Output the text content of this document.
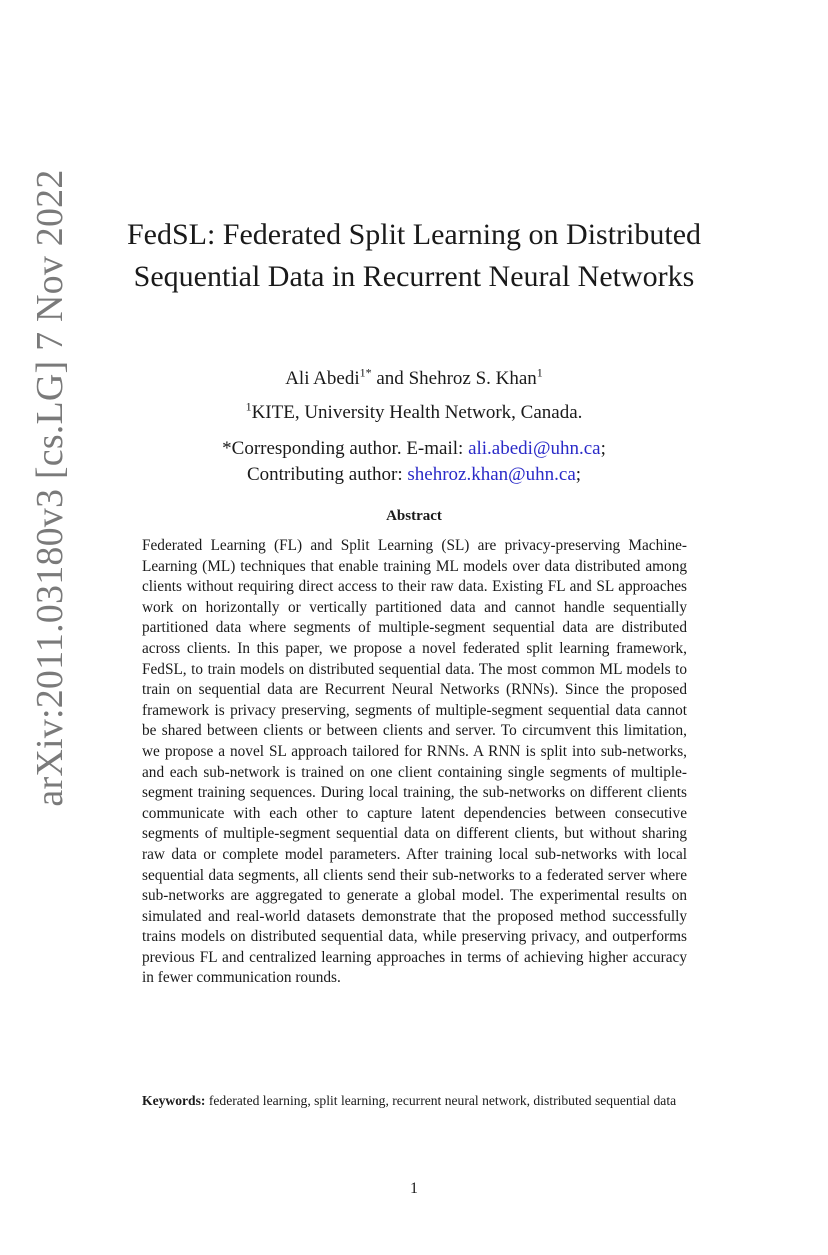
arXiv:2011.03180v3 [cs.LG] 7 Nov 2022 FedSL: Federated Split Learning on Distributed Sequential Data in Recurrent Neural Networks
Ali Abedi$^{1*}$ and Shehroz S. Khan$^1$
$^1$KITE, University Health Network, Canada.
*Corresponding author. E-mail: ali.abedi@uhn.ca;
Contributing author: shehroz.khan@uhn.ca;
Abstract

Federated Learning (FL) and Split Learning (SL) are privacy-preserving Machine-Learning (ML) techniques that enable training ML models over data distributed among clients without requiring direct access to their raw data. Existing FL and SL approaches work on horizontally or vertically partitioned data and cannot handle sequentially partitioned data where segments of multiple-segment sequential data are distributed across clients. In this paper, we propose a novel federated split learning framework, FedSL, to train models on distributed sequential data. The most common ML models to train on sequential data are Recurrent Neural Networks (RNNs). Since the proposed framework is privacy preserving, segments of multiple-segment sequential data cannot be shared between clients or between clients and server. To circumvent this limitation, we propose a novel SL approach tailored for RNNs. A RNN is split into sub-networks, and each sub-network is trained on one client containing single segments of multiple-segment training sequences. During local training, the sub-networks on different clients communicate with each other to capture latent dependencies between consecutive segments of multiple-segment sequential data on different clients, but without sharing raw data or complete model parameters. After training local sub-networks with local sequential data segments, all clients send their sub-networks to a federated server where sub-networks are aggregated to generate a global model. The experimental results on simulated and real-world datasets demonstrate that the proposed method successfully trains models on distributed sequential data, while preserving privacy, and outperforms previous FL and centralized learning approaches in terms of achieving higher accuracy in fewer communication rounds.

Keywords: federated learning, split learning, recurrent neural network, distributed sequential data
1
